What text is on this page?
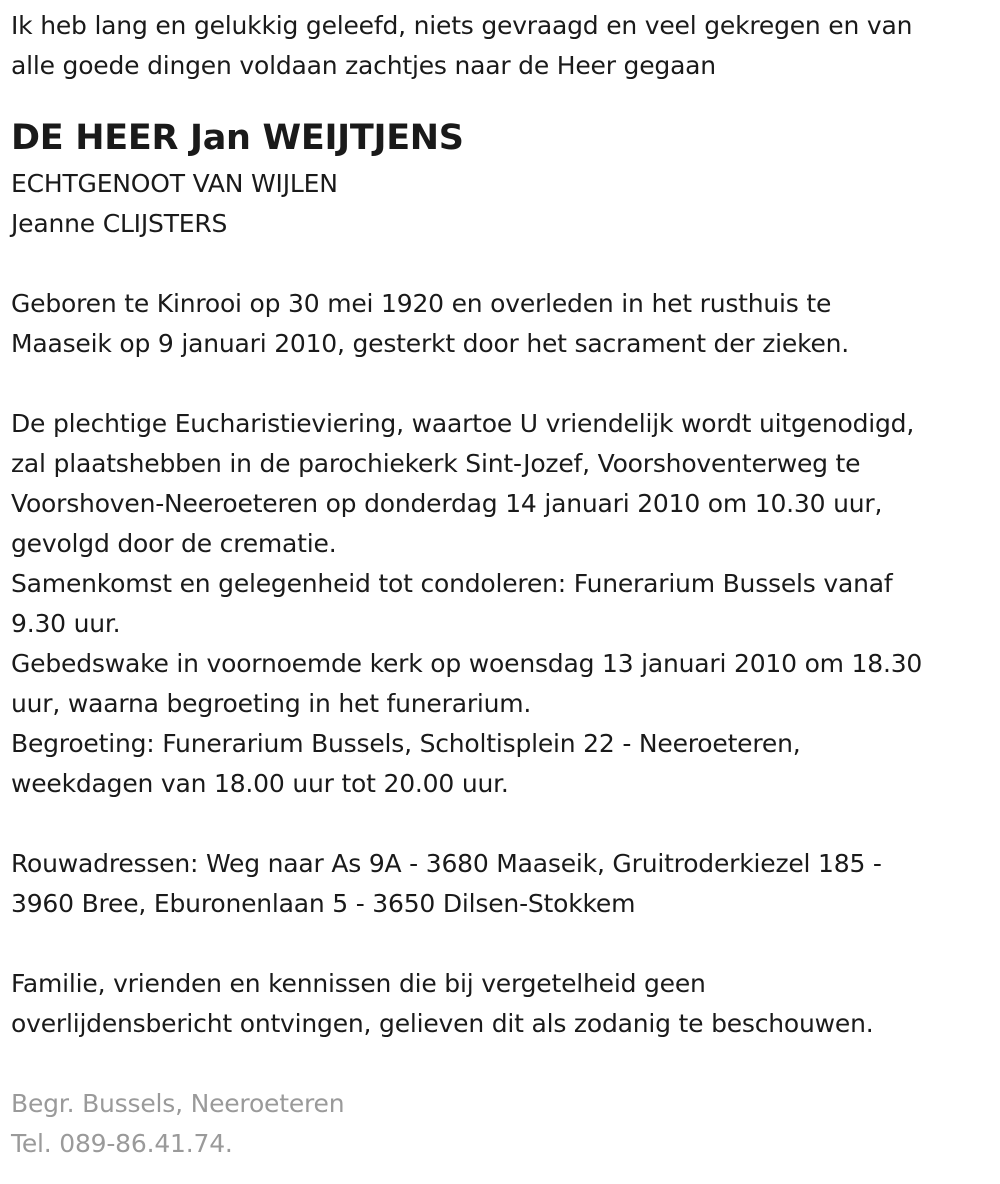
Ik heb lang en gelukkig geleefd, niets gevraagd en veel gekregen en van
alle goede dingen voldaan zachtjes naar de Heer gegaan
DE HEER Jan WEIJTJENS
ECHTGENOOT VAN WIJLEN
Jeanne CLIJSTERS
Geboren te Kinrooi op 30 mei 1920 en overleden in het rusthuis te
Maaseik op 9 januari 2010, gesterkt door het sacrament der zieken.
De plechtige Eucharistieviering, waartoe U vriendelijk wordt uitgenodigd,
zal plaatshebben in de parochiekerk Sint-Jozef, Voorshoventerweg te
Voorshoven-Neeroeteren op donderdag 14 januari 2010 om 10.30 uur,
gevolgd door de crematie.
Samenkomst en gelegenheid tot condoleren: Funerarium Bussels vanaf
9.30 uur.
Gebedswake in voornoemde kerk op woensdag 13 januari 2010 om 18.30
uur, waarna begroeting in het funerarium.
Begroeting: Funerarium Bussels, Scholtisplein 22 - Neeroeteren,
weekdagen van 18.00 uur tot 20.00 uur.
Rouwadressen: Weg naar As 9A - 3680 Maaseik, Gruitroderkiezel 185 -
3960 Bree, Eburonenlaan 5 - 3650 Dilsen-Stokkem
Familie, vrienden en kennissen die bij vergetelheid geen
overlijdensbericht ontvingen, gelieven dit als zodanig te beschouwen.
Begr. Bussels, Neeroeteren
Tel. 089-86.41.74.
